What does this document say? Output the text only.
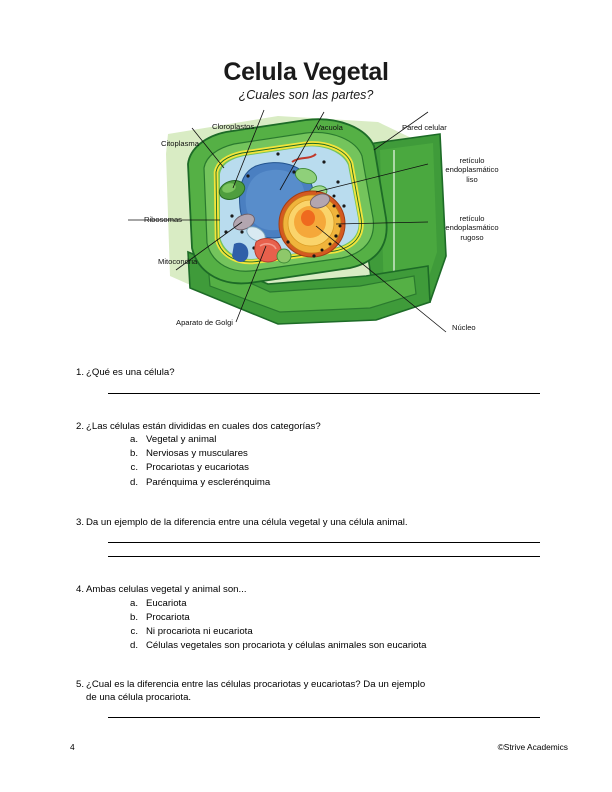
Celula Vegetal
¿Cuales son las partes?
Cloroplastos
Citoplasma
Vacuola	Pared celular
Ribosomas
Mitocondria
Aparato de Golgi
Núcleo
retículo
endoplasmático
liso
retículo
endoplasmático
rugoso
1. ¿Qué es una célula?
2. ¿Las células están divididas en cuales dos categorías?
a. Vegetal y animal
b. Nerviosas y musculares
c. Procariotas y eucariotas
d. Parénquima y esclerénquima
3. Da un ejemplo de la diferencia entre una célula vegetal y una célula animal.
4. Ambas celulas vegetal y animal son...
a. Eucariota
b. Procariota
c. Ni procariota ni eucariota
d. Células vegetales son procariota y células animales son eucariota
5. ¿Cual es la diferencia entre las células procariotas y eucariotas? Da un ejemplo
de una célula procariota.
4	©Strive Academics
